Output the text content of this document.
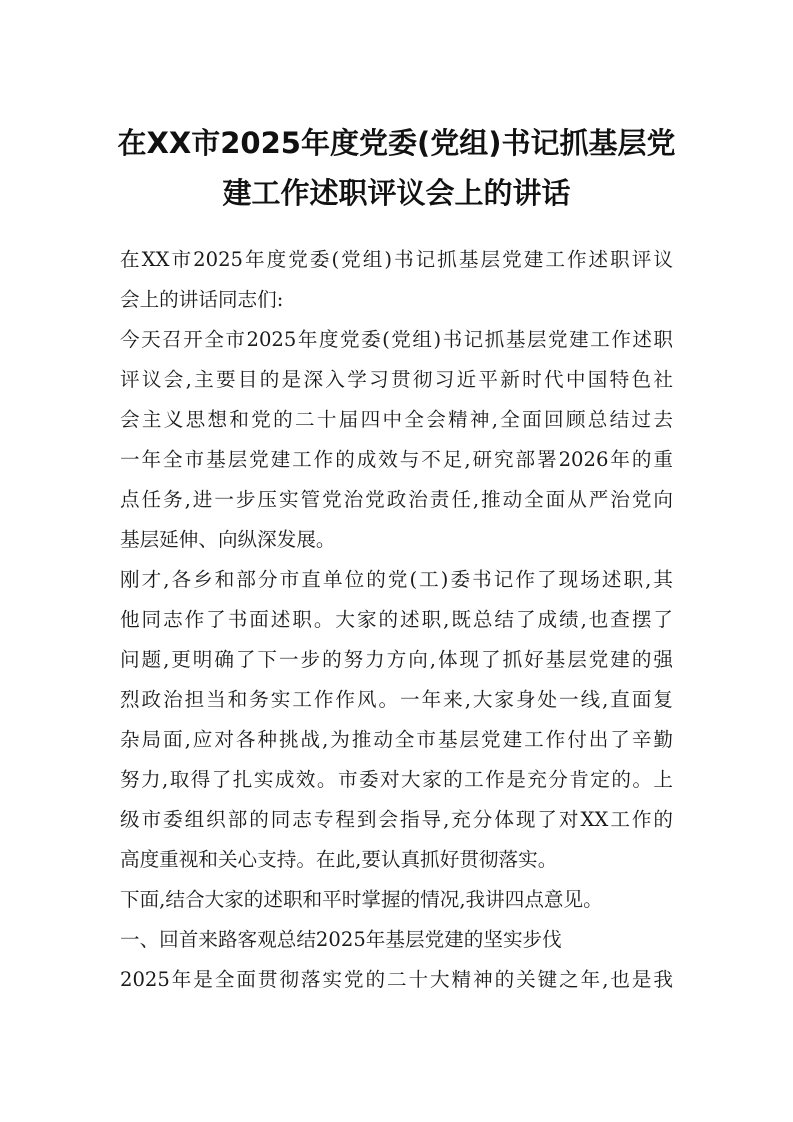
在XX市2025年度党委(党组)书记抓基层党
建工作述职评议会上的讲话

在XX市2025年度党委(党组)书记抓基层党建工作述职评议

会上的讲话同志们:

今天召开全市2025年度党委(党组)书记抓基层党建工作述职

评议会,主要目的是深入学习贯彻习近平新时代中国特色社

会主义思想和党的二十届四中全会精神,全面回顾总结过去

一年全市基层党建工作的成效与不足,研究部署2026年的重

点任务,进一步压实管党治党政治责任,推动全面从严治党向

基层延伸、向纵深发展。

刚才,各乡和部分市直单位的党(工)委书记作了现场述职,其

他同志作了书面述职。大家的述职,既总结了成绩,也查摆了

问题,更明确了下一步的努力方向,体现了抓好基层党建的强

烈政治担当和务实工作作风。一年来,大家身处一线,直面复

杂局面,应对各种挑战,为推动全市基层党建工作付出了辛勤

努力,取得了扎实成效。市委对大家的工作是充分肯定的。上

级市委组织部的同志专程到会指导,充分体现了对XX工作的

高度重视和关心支持。在此,要认真抓好贯彻落实。

下面,结合大家的述职和平时掌握的情况,我讲四点意见。

一、回首来路客观总结2025年基层党建的坚实步伐

2025年是全面贯彻落实党的二十大精神的关键之年,也是我
